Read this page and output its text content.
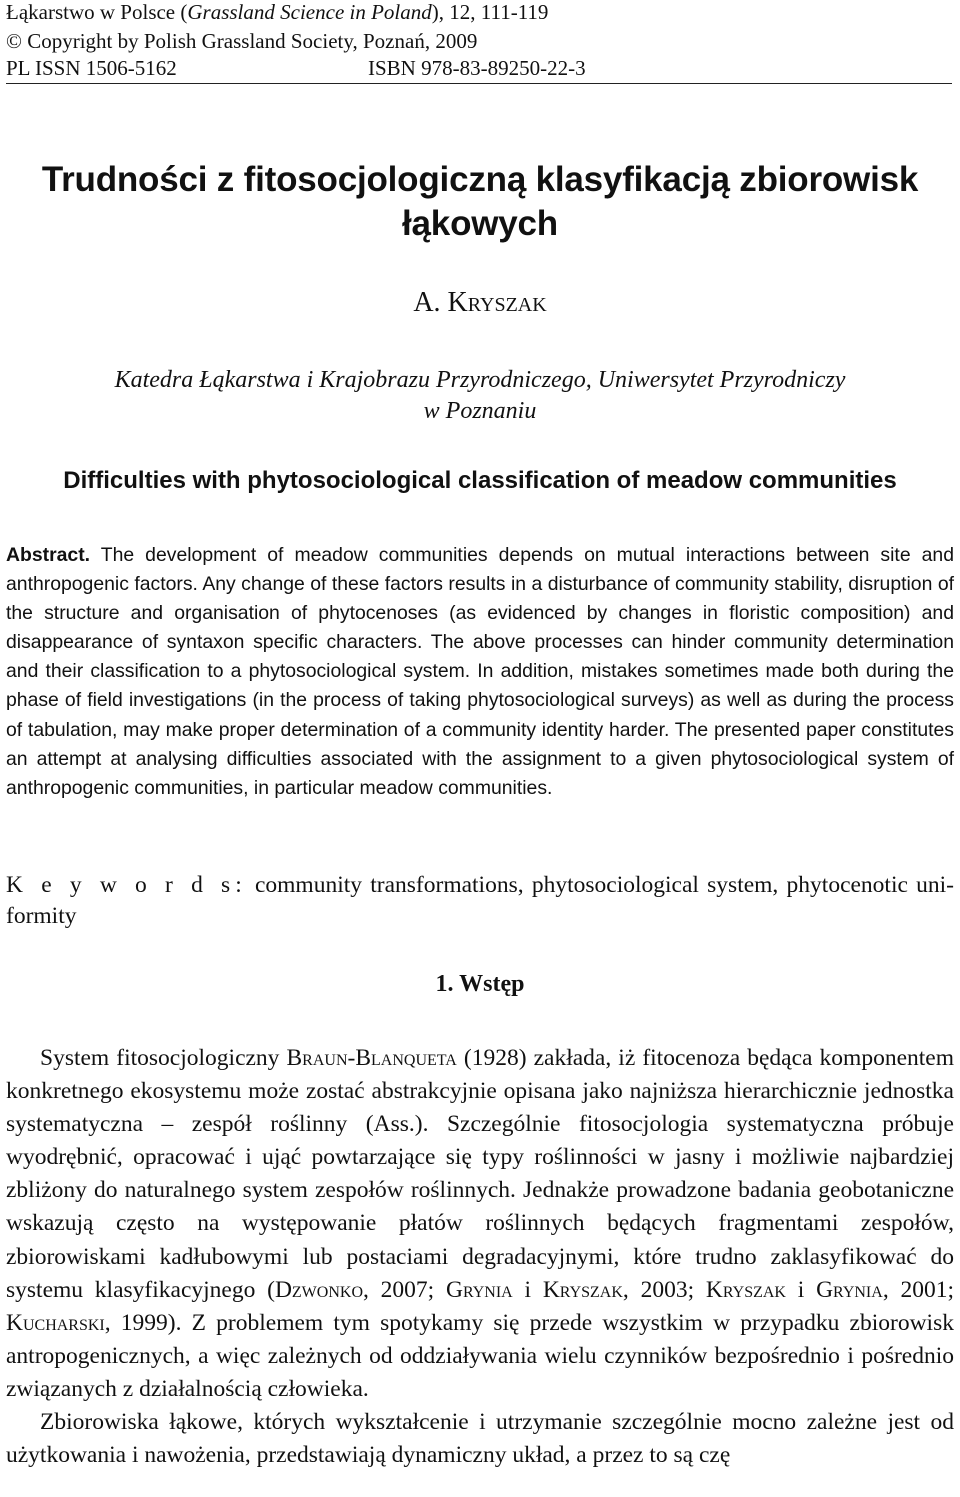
Łąkarstwo w Polsce (Grassland Science in Poland), 12, 111-119
© Copyright by Polish Grassland Society, Poznań, 2009
PL ISSN 1506-5162	ISBN 978-83-89250-22-3
Trudności z fitosocjologiczną klasyfikacją zbiorowisk
łąkowych
A. Kryszak
Katedra Łąkarstwa i Krajobrazu Przyrodniczego, Uniwersytet Przyrodniczy
w Poznaniu
Difficulties with phytosociological classification of meadow communities
Abstract. The development of meadow communities depends on mutual interactions between site and anthropogenic factors. Any change of these factors results in a disturbance of community stability, disruption of the structure and organisation of phytocenoses (as evidenced by changes in floristic composition) and disappearance of syntaxon specific characters. The above processes can hinder community determination and their classification to a phytosociological system. In addition, mistakes sometimes made both during the phase of field investigations (in the process of taking phytosociological surveys) as well as during the process of tabulation, may make proper determination of a community identity harder. The presented paper constitutes an attempt at analysing difficulties associated with the assignment to a given phytosociological system of anthropogenic communities, in particular meadow communities.
K e y w o r d s: community transformations, phytosociological system, phytocenotic uniformity
1. Wstęp

System fitosocjologiczny Braun-Blanqueta (1928) zakłada, iż fitocenoza będąca komponentem konkretnego ekosystemu może zostać abstrakcyjnie opisana jako najniższa hierarchicznie jednostka systematyczna – zespół roślinny (Ass.). Szczególnie fitosocjologia systematyczna próbuje wyodrębnić, opracować i ująć powtarzające się typy roślinności w jasny i możliwie najbardziej zbliżony do naturalnego system zespołów roślinnych. Jednakże prowadzone badania geobotaniczne wskazują często na występowanie płatów roślinnych będących fragmentami zespołów, zbiorowiskami kadłubowymi lub postaciami degradacyjnymi, które trudno zaklasyfikować do systemu klasyfikacyjnego (Dzwonko, 2007; Grynia i Kryszak, 2003; Kryszak i Grynia, 2001; Kucharski, 1999). Z problemem tym spotykamy się przede wszystkim w przypadku zbiorowisk antropogenicznych, a więc zależnych od oddziaływania wielu czynników bezpośrednio i pośrednio związanych z działalnością człowieka.

Zbiorowiska łąkowe, których wykształcenie i utrzymanie szczególnie mocno zależne jest od użytkowania i nawożenia, przedstawiają dynamiczny układ, a przez to są czę
